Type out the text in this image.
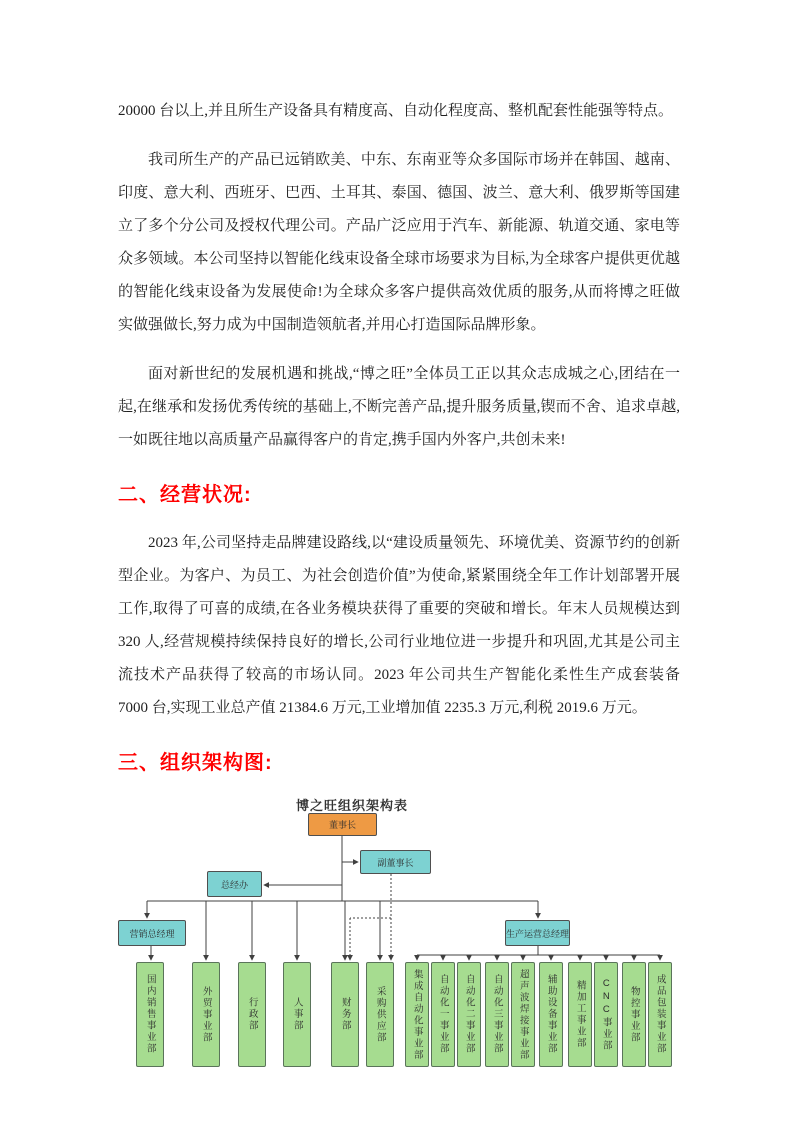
20000 台以上,并且所生产设备具有精度高、自动化程度高、整机配套性能强等特点。

我司所生产的产品已远销欧美、中东、东南亚等众多国际市场并在韩国、越南、印度、意大利、西班牙、巴西、土耳其、泰国、德国、波兰、意大利、俄罗斯等国建立了多个分公司及授权代理公司。产品广泛应用于汽车、新能源、轨道交通、家电等众多领域。本公司坚持以智能化线束设备全球市场要求为目标,为全球客户提供更优越的智能化线束设备为发展使命!为全球众多客户提供高效优质的服务,从而将博之旺做实做强做长,努力成为中国制造领航者,并用心打造国际品牌形象。

面对新世纪的发展机遇和挑战,“博之旺”全体员工正以其众志成城之心,团结在一起,在继承和发扬优秀传统的基础上,不断完善产品,提升服务质量,锲而不舍、追求卓越,一如既往地以高质量产品赢得客户的肯定,携手国内外客户,共创未来!

二、经营状况:

2023 年,公司坚持走品牌建设路线,以“建设质量领先、环境优美、资源节约的创新型企业。为客户、为员工、为社会创造价值”为使命,紧紧围绕全年工作计划部署开展工作,取得了可喜的成绩,在各业务模块获得了重要的突破和增长。年末人员规模达到 320 人,经营规模持续保持良好的增长,公司行业地位进一步提升和巩固,尤其是公司主流技术产品获得了较高的市场认同。2023 年公司共生产智能化柔性生产成套装备 7000 台,实现工业总产值 21384.6 万元,工业增加值 2235.3 万元,利税 2019.6 万元。

三、组织架构图:
博之旺组织架构表
董事长
副董事长
总经办
营销总经理	生产运营总经理
国内销售事业部	外贸事业部	行政部	人事部	财务部	采购供应部	集成自动化事业部	自动化一事业部	自动化二事业部	自动化三事业部	超声波焊接事业部	辅助设备事业部	精加工事业部	CNC事业部	物控事业部	成品包装事业部
